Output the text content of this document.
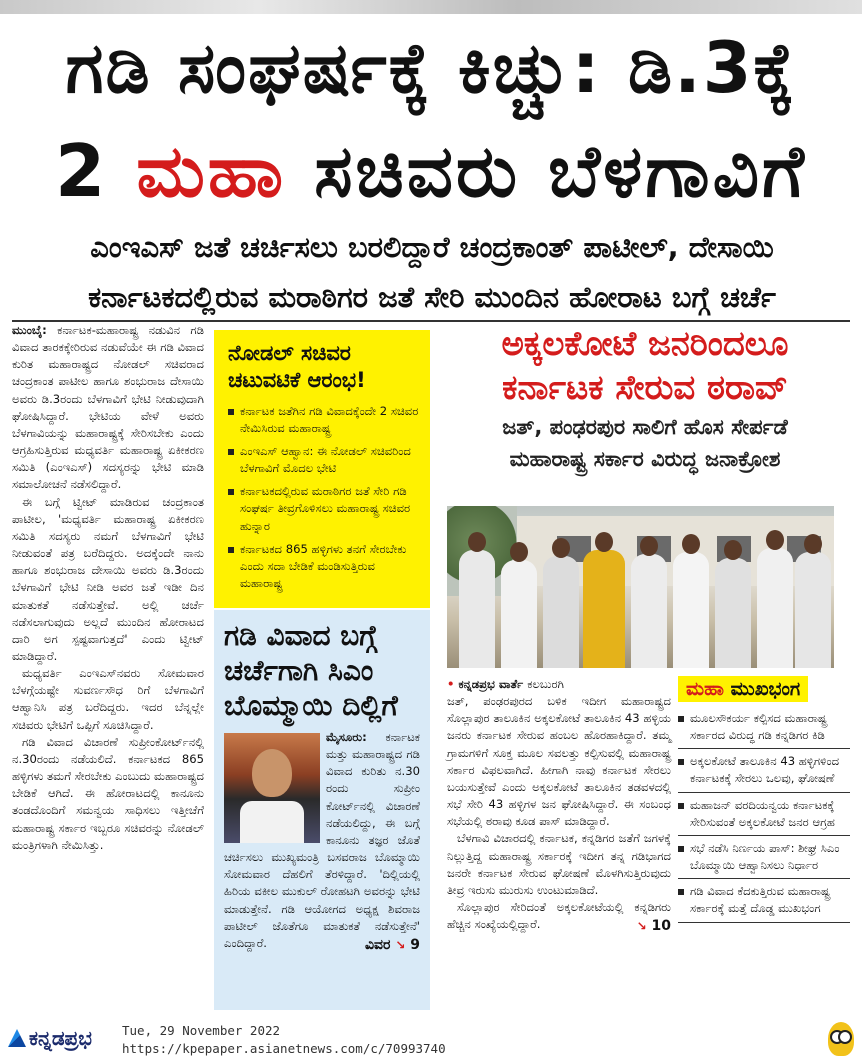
ಗಡಿ ಸಂಘರ್ಷಕ್ಕೆ ಕಿಚ್ಚು: ಡಿ.3ಕ್ಕೆ
2 ಮಹಾ ಸಚಿವರು ಬೆಳಗಾವಿಗೆ
ಎಂಇಎಸ್ ಜತೆ ಚರ್ಚಿಸಲು ಬರಲಿದ್ದಾರೆ ಚಂದ್ರಕಾಂತ್ ಪಾಟೀಲ್, ದೇಸಾಯಿ
ಕರ್ನಾಟಕದಲ್ಲಿರುವ ಮರಾಠಿಗರ ಜತೆ ಸೇರಿ ಮುಂದಿನ ಹೋರಾಟ ಬಗ್ಗೆ ಚರ್ಚೆ

ಮುಂಬೈ: ಕರ್ನಾಟಕ-ಮಹಾರಾಷ್ಟ್ರ ನಡುವಿನ ಗಡಿ ವಿವಾದ ತಾರಕಕ್ಕೇರಿರುವ ನಡುವೆಯೇ ಈ ಗಡಿ ವಿವಾದ ಕುರಿತ ಮಹಾರಾಷ್ಟ್ರದ ನೋಡಲ್ ಸಚಿವರಾದ ಚಂದ್ರಕಾಂತ ಪಾಟೀಲ ಹಾಗೂ ಶಂಭುರಾಜ ದೇಸಾಯಿ ಅವರು ಡಿ.3ರಂದು ಬೆಳಗಾವಿಗೆ ಭೇಟಿ ನೀಡುವುದಾಗಿ ಘೋಷಿಸಿದ್ದಾರೆ. ಭೇಟಿಯ ವೇಳೆ ಅವರು ಬೆಳಗಾವಿಯನ್ನು ಮಹಾರಾಷ್ಟ್ರಕ್ಕೆ ಸೇರಿಸಬೇಕು ಎಂದು ಆಗ್ರಹಿಸುತ್ತಿರುವ ಮಧ್ಯವರ್ತಿ ಮಹಾರಾಷ್ಟ್ರ ಏಕೀಕರಣ ಸಮಿತಿ (ಎಂಇಎಸ್) ಸದಸ್ಯರನ್ನು ಭೇಟಿ ಮಾಡಿ ಸಮಾಲೋಚನೆ ನಡೆಸಲಿದ್ದಾರೆ.

ಈ ಬಗ್ಗೆ ಟ್ವೀಟ್ ಮಾಡಿರುವ ಚಂದ್ರಕಾಂತ ಪಾಟೀಲ, 'ಮಧ್ಯವರ್ತಿ ಮಹಾರಾಷ್ಟ್ರ ಏಕೀಕರಣ ಸಮಿತಿ ಸದಸ್ಯರು ನಮಗೆ ಬೆಳಗಾವಿಗೆ ಭೇಟಿ ನೀಡುವಂತೆ ಪತ್ರ ಬರೆದಿದ್ದರು. ಅದಕ್ಕೆಂದೇ ನಾನು ಹಾಗೂ ಶಂಭುರಾಜ ದೇಸಾಯಿ ಅವರು ಡಿ.3ರಂದು ಬೆಳಗಾವಿಗೆ ಭೇಟಿ ನೀಡಿ ಅವರ ಜತೆ ಇಡೀ ದಿನ ಮಾತುಕತೆ ನಡೆಸುತ್ತೇವೆ. ಅಲ್ಲಿ ಚರ್ಚೆ ನಡೆಸಲಾಗುವುದು ಅಲ್ಲದೆ ಮುಂದಿನ ಹೋರಾಟದ ದಾರಿ ಅಗ ಸ್ಪಷ್ಟವಾಗುತ್ತದೆ' ಎಂದು ಟ್ವೀಟ್ ಮಾಡಿದ್ದಾರೆ.

ಮಧ್ಯವರ್ತಿ ಎಂಇಎಸ್‌ನವರು ಸೋಮವಾರ ಬೆಳಗ್ಗೆಯಷ್ಟೇ ಸುವರ್ಣಸೌಧ ರಿಗೆ ಬೆಳಗಾವಿಗೆ ಆಹ್ವಾನಿಸಿ ಪತ್ರ ಬರೆದಿದ್ದರು. ಇದರ ಬೆನ್ನಲ್ಲೇ ಸಚಿವರು ಭೇಟಿಗೆ ಒಪ್ಪಿಗೆ ಸೂಚಿಸಿದ್ದಾರೆ.

ಗಡಿ ವಿವಾದ ವಿಚಾರಣೆ ಸುಪ್ರೀಂಕೋರ್ಟ್‌ನಲ್ಲಿ ನ.30ರಂದು ನಡೆಯಲಿದೆ. ಕರ್ನಾಟಕದ 865 ಹಳ್ಳಿಗಳು ತಮಗೆ ಸೇರಬೇಕು ಎಂಬುದು ಮಹಾರಾಷ್ಟ್ರದ ಬೇಡಿಕೆ ಆಗಿದೆ. ಈ ಹೋರಾಟದಲ್ಲಿ ಕಾನೂನು ತಂಡದೊಂದಿಗೆ ಸಮನ್ವಯ ಸಾಧಿಸಲು ಇತ್ತೀಚೆಗೆ ಮಹಾರಾಷ್ಟ್ರ ಸರ್ಕಾರ ಇಬ್ಬರೂ ಸಚಿವರನ್ನು ನೋಡಲ್ ಮಂತ್ರಿಗಳಾಗಿ ನೇಮಿಸಿತ್ತು.

ನೋಡಲ್ ಸಚಿವರ ಚಟುವಟಿಕೆ ಆರಂಭ!
ಕರ್ನಾಟಕ ಜತೆಗಿನ ಗಡಿ ವಿವಾದಕ್ಕೆಂದೇ 2 ಸಚಿವರ ನೇಮಿಸಿರುವ ಮಹಾರಾಷ್ಟ್ರ
ಎಂಇಎಸ್ ಆಹ್ವಾನ: ಈ ನೋಡಲ್ ಸಚಿವರಿಂದ ಬೆಳಗಾವಿಗೆ ಮೊದಲ ಭೇಟಿ
ಕರ್ನಾಟಕದಲ್ಲಿರುವ ಮರಾಠಿಗರ ಜತೆ ಸೇರಿ ಗಡಿ ಸಂಘರ್ಷ ತೀವ್ರಗೊಳಿಸಲು ಮಹಾರಾಷ್ಟ್ರ ಸಚಿವರ ಹುನ್ನಾರ
ಕರ್ನಾಟಕದ 865 ಹಳ್ಳಿಗಳು ತನಗೆ ಸೇರಬೇಕು ಎಂದು ಸದಾ ಬೇಡಿಕೆ ಮಂಡಿಸುತ್ತಿರುವ ಮಹಾರಾಷ್ಟ್ರ
ಗಡಿ ವಿವಾದ ಬಗ್ಗೆ ಚರ್ಚೆಗಾಗಿ ಸಿಎಂ ಬೊಮ್ಮಾಯಿ ದಿಲ್ಲಿಗೆ
ಮೈಸೂರು: ಕರ್ನಾಟಕ ಮತ್ತು ಮಹಾರಾಷ್ಟ್ರದ ಗಡಿ ವಿವಾದ ಕುರಿತು ನ.30 ರಂದು ಸುಪ್ರೀಂ ಕೋರ್ಟ್‌ನಲ್ಲಿ ವಿಚಾರಣೆ ನಡೆಯಲಿದ್ದು, ಈ ಬಗ್ಗೆ ಕಾನೂನು ತಜ್ಞರ ಜೊತೆ ಚರ್ಚಿಸಲು ಮುಖ್ಯಮಂತ್ರಿ ಬಸವರಾಜ ಬೊಮ್ಮಾಯಿ ಸೋಮವಾರ ದೆಹಲಿಗೆ ತೆರಳಿದ್ದಾರೆ. 'ದಿಲ್ಲಿಯಲ್ಲಿ ಹಿರಿಯ ವಕೀಲ ಮುಕುಲ್ ರೋಹಟಗಿ ಅವರನ್ನು ಭೇಟಿ ಮಾಡುತ್ತೇನೆ. ಗಡಿ ಆಯೋಗದ ಅಧ್ಯಕ್ಷ ಶಿವರಾಜ ಪಾಟೀಲ್ ಜೊತೆಗೂ ಮಾತುಕತೆ ನಡೆಸುತ್ತೇನೆ' ಎಂದಿದ್ದಾರೆ.	ವಿವರ ↘ 9
ಅಕ್ಕಲಕೋಟೆ ಜನರಿಂದಲೂ
ಕರ್ನಾಟಕ ಸೇರುವ ಠರಾವ್
ಜತ್, ಪಂಢರಪುರ ಸಾಲಿಗೆ ಹೊಸ ಸೇರ್ಪಡೆ
ಮಹಾರಾಷ್ಟ್ರ ಸರ್ಕಾರ ವಿರುದ್ಧ ಜನಾಕ್ರೋಶ

• ಕನ್ನಡಪ್ರಭ ವಾರ್ತೆ ಕಲಬುರಗಿ

ಜತ್, ಪಂಢರಪುರದ ಬಳಿಕ ಇದೀಗ ಮಹಾರಾಷ್ಟ್ರದ ಸೊಲ್ಲಾಪುರ ತಾಲೂಕಿನ ಅಕ್ಕಲಕೋಟೆ ತಾಲೂಕಿನ 43 ಹಳ್ಳಿಯ ಜನರು ಕರ್ನಾಟಕ ಸೇರುವ ಹಂಬಲ ಹೊರಹಾಕಿದ್ದಾರೆ. ತಮ್ಮ ಗ್ರಾಮಗಳಿಗೆ ಸೂಕ್ತ ಮೂಲ ಸವಲತ್ತು ಕಲ್ಪಿಸುವಲ್ಲಿ ಮಹಾರಾಷ್ಟ್ರ ಸರ್ಕಾರ ವಿಫಲವಾಗಿದೆ. ಹೀಗಾಗಿ ನಾವು ಕರ್ನಾಟಕ ಸೇರಲು ಬಯಸುತ್ತೇವೆ ಎಂದು ಅಕ್ಕಲಕೋಟೆ ತಾಲೂಕಿನ ತಡವಳದಲ್ಲಿ ಸಭೆ ಸೇರಿ 43 ಹಳ್ಳಿಗಳ ಜನ ಘೋಷಿಸಿದ್ದಾರೆ. ಈ ಸಂಬಂಧ ಸಭೆಯಲ್ಲಿ ಠರಾವು ಕೂಡ ಪಾಸ್ ಮಾಡಿದ್ದಾರೆ.

ಬೆಳಗಾವಿ ವಿಚಾರದಲ್ಲಿ ಕರ್ನಾಟಕ, ಕನ್ನಡಿಗರ ಜತೆಗೆ ಜಗಳಕ್ಕೆ ನಿಲ್ಲುತ್ತಿದ್ದ ಮಹಾರಾಷ್ಟ್ರ ಸರ್ಕಾರಕ್ಕೆ ಇದೀಗ ತನ್ನ ಗಡಿಭಾಗದ ಜನರೇ ಕರ್ನಾಟಕ ಸೇರುವ ಘೋಷಣೆ ಮೊಳಗಿಸುತ್ತಿರುವುದು ತೀವ್ರ ಇರುಸು ಮುರುಸು ಉಂಟುಮಾಡಿದೆ.

ಸೊಲ್ಲಾಪುರ ಸೇರಿದಂತೆ ಅಕ್ಕಲಕೋಟೆಯಲ್ಲಿ ಕನ್ನಡಿಗರು ಹೆಚ್ಚಿನ ಸಂಖ್ಯೆಯಲ್ಲಿದ್ದಾರೆ.	↘ 10

ಮಹಾ ಮುಖಭಂಗ
ಮೂಲಸೌಕರ್ಯ ಕಲ್ಪಿಸದ ಮಹಾರಾಷ್ಟ್ರ ಸರ್ಕಾರದ ವಿರುದ್ಧ ಗಡಿ ಕನ್ನಡಿಗರ ಕಿಡಿ
ಅಕ್ಕಲಕೋಟೆ ತಾಲೂಕಿನ 43 ಹಳ್ಳಿಗಳಿಂದ ಕರ್ನಾಟಕಕ್ಕೆ ಸೇರಲು ಒಲವು, ಘೋಷಣೆ
ಮಹಾಜನ್ ವರದಿಯನ್ವಯ ಕರ್ನಾಟಕಕ್ಕೆ ಸೇರಿಸುವಂತೆ ಅಕ್ಕಲಕೋಟೆ ಜನರ ಆಗ್ರಹ
ಸಭೆ ನಡೆಸಿ ನಿರ್ಣಯ ಪಾಸ್: ಶೀಘ್ರ ಸಿಎಂ ಬೊಮ್ಮಾಯಿ ಆಹ್ವಾನಿಸಲು ನಿರ್ಧಾರ
ಗಡಿ ವಿವಾದ ಕೆದಕುತ್ತಿರುವ ಮಹಾರಾಷ್ಟ್ರ ಸರ್ಕಾರಕ್ಕೆ ಮತ್ತೆ ದೊಡ್ಡ ಮುಖಭಂಗ
ಕನ್ನಡಪ್ರಭ Tue, 29 November 2022
https://kpepaper.asianetnews.com/c/70993740
